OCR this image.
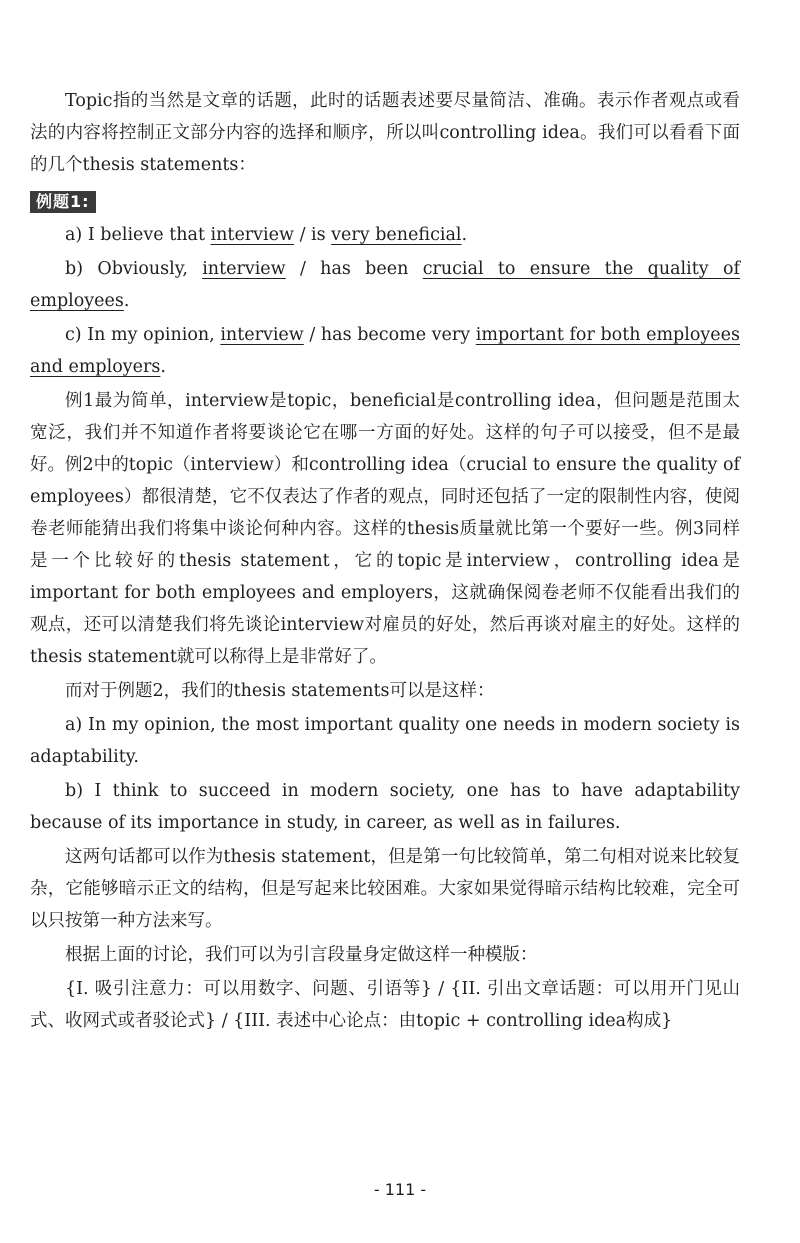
Topic指的当然是文章的话题，此时的话题表述要尽量简洁、准确。表示作者观点或看法的内容将控制正文部分内容的选择和顺序，所以叫controlling idea。我们可以看看下面的几个thesis statements：

例题1:

a) I believe that interview / is very beneficial.

b) Obviously, interview / has been crucial to ensure the quality of employees.

c) In my opinion, interview / has become very important for both employees and employers.

例1最为简单，interview是topic，beneficial是controlling idea，但问题是范围太宽泛，我们并不知道作者将要谈论它在哪一方面的好处。这样的句子可以接受，但不是最好。例2中的topic（interview）和controlling idea（crucial to ensure the quality of employees）都很清楚，它不仅表达了作者的观点，同时还包括了一定的限制性内容，使阅卷老师能猜出我们将集中谈论何种内容。这样的thesis质量就比第一个要好一些。例3同样是一个比较好的thesis statement，它的topic是interview，controlling idea是important for both employees and employers，这就确保阅卷老师不仅能看出我们的观点，还可以清楚我们将先谈论interview对雇员的好处，然后再谈对雇主的好处。这样的thesis statement就可以称得上是非常好了。

而对于例题2，我们的thesis statements可以是这样：

a) In my opinion, the most important quality one needs in modern society is adaptability.

b) I think to succeed in modern society, one has to have adaptability because of its importance in study, in career, as well as in failures.

这两句话都可以作为thesis statement，但是第一句比较简单，第二句相对说来比较复杂，它能够暗示正文的结构，但是写起来比较困难。大家如果觉得暗示结构比较难，完全可以只按第一种方法来写。

根据上面的讨论，我们可以为引言段量身定做这样一种模版：

{I. 吸引注意力：可以用数字、问题、引语等} / {II. 引出文章话题：可以用开门见山式、收网式或者驳论式} / {III. 表述中心论点：由topic + controlling idea构成}

- 111 -
